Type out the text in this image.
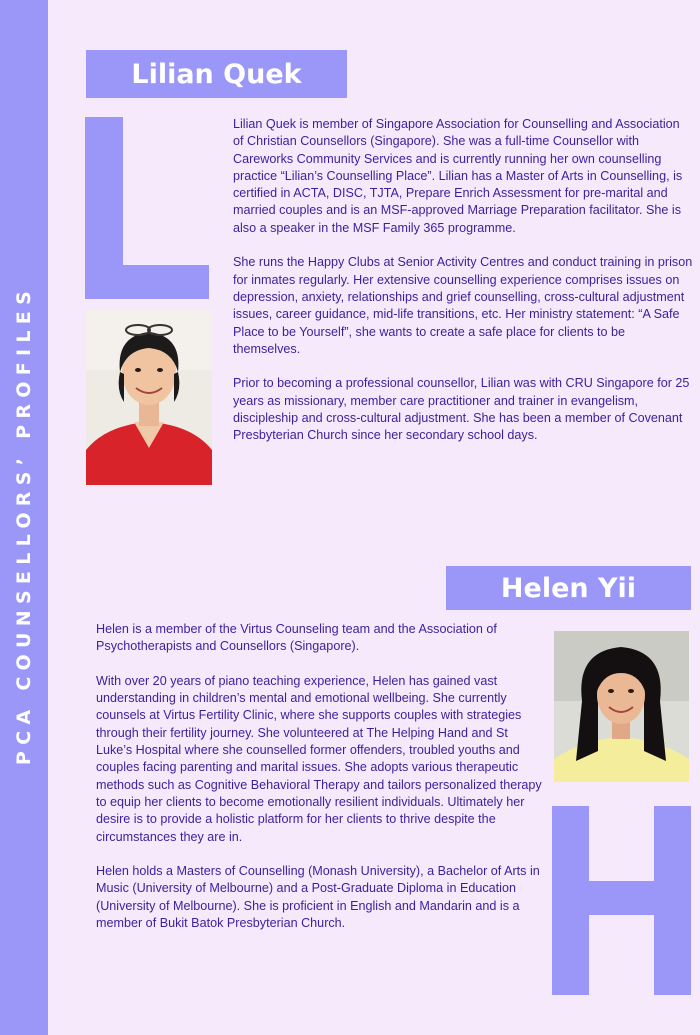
PCA COUNSELLORS’ PROFILES
Lilian Quek

Lilian Quek is member of Singapore Association for Counselling and Association of Christian Counsellors (Singapore). She was a full-time Counsellor with Careworks Community Services and is currently running her own counselling practice “Lilian’s Counselling Place”. Lilian has a Master of Arts in Counselling, is certified in ACTA, DISC, TJTA, Prepare Enrich Assessment for pre-marital and married couples and is an MSF-approved Marriage Preparation facilitator. She is also a speaker in the MSF Family 365 programme.

She runs the Happy Clubs at Senior Activity Centres and conduct training in prison for inmates regularly. Her extensive counselling experience comprises issues on depression, anxiety, relationships and grief counselling, cross-cultural adjustment issues, career guidance, mid-life transitions, etc. Her ministry statement: “A Safe Place to be Yourself”, she wants to create a safe place for clients to be themselves.

Prior to becoming a professional counsellor, Lilian was with CRU Singapore for 25 years as missionary, member care practitioner and trainer in evangelism, discipleship and cross-cultural adjustment. She has been a member of Covenant Presbyterian Church since her secondary school days.

Helen Yii

Helen is a member of the Virtus Counseling team and the Association of Psychotherapists and Counsellors (Singapore).

With over 20 years of piano teaching experience, Helen has gained vast understanding in children’s mental and emotional wellbeing. She currently counsels at Virtus Fertility Clinic, where she supports couples with strategies through their fertility journey. She volunteered at The Helping Hand and St Luke’s Hospital where she counselled former offenders, troubled youths and couples facing parenting and marital issues. She adopts various therapeutic methods such as Cognitive Behavioral Therapy and tailors personalized therapy to equip her clients to become emotionally resilient individuals. Ultimately her desire is to provide a holistic platform for her clients to thrive despite the circumstances they are in.

Helen holds a Masters of Counselling (Monash University), a Bachelor of Arts in Music (University of Melbourne) and a Post-Graduate Diploma in Education (University of Melbourne). She is proficient in English and Mandarin and is a member of Bukit Batok Presbyterian Church.
